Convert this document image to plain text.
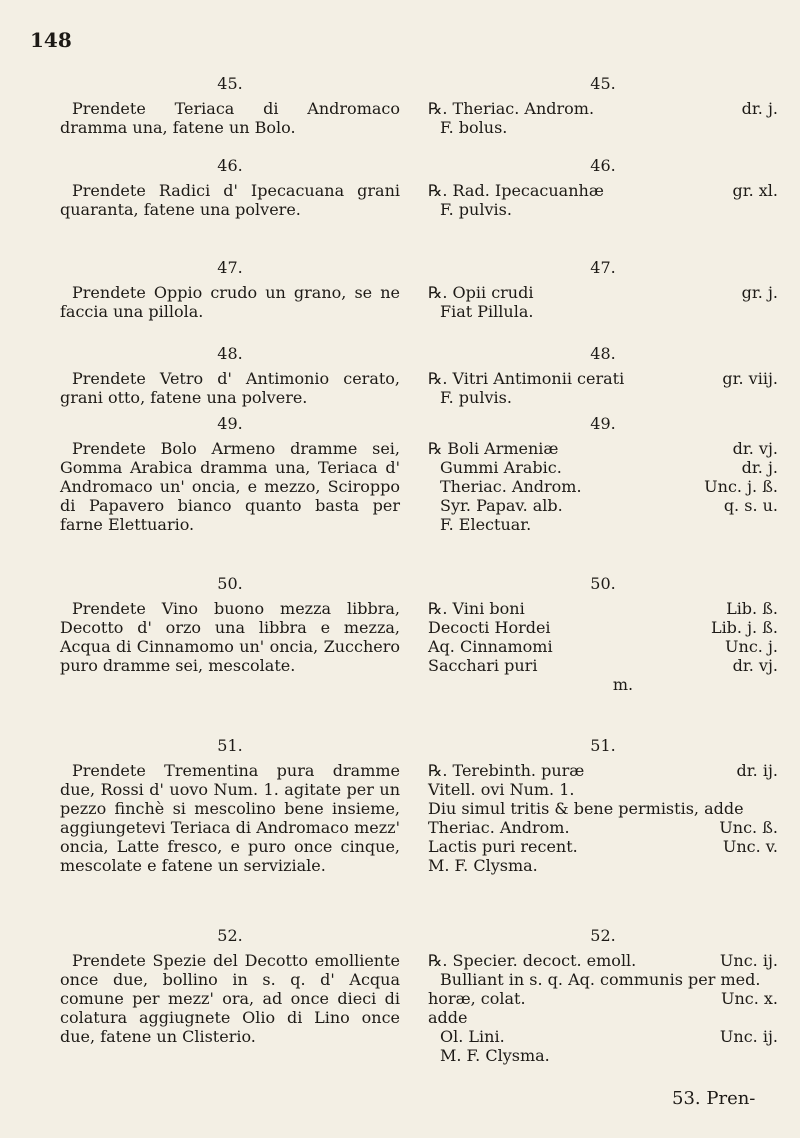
148
45.

Prendete Teriaca di Andromaco dramma una, fatene un Bolo.

46.

Prendete Radici d' Ipecacuana grani quaranta, fatene una polvere.

47.

Prendete Oppio crudo un grano, se ne faccia una pillola.

48.

Prendete Vetro d' Antimonio cerato, grani otto, fatene una polvere.

49.

Prendete Bolo Armeno dramme sei, Gomma Arabica dramma una, Teriaca d' Andromaco un' oncia, e mezzo, Sciroppo di Papavero bianco quanto basta per farne Elettuario.

50.

Prendete Vino buono mezza libbra, Decotto d' orzo una libbra e mezza, Acqua di Cinnamomo un' oncia, Zucchero puro dramme sei, mescolate.

51.

Prendete Trementina pura dramme due, Rossi d' uovo Num. 1. agitate per un pezzo finchè si mescolino bene insieme, aggiungetevi Teriaca di Andromaco mezz' oncia, Latte fresco, e puro once cinque, mescolate e fatene un serviziale.

52.

Prendete Spezie del Decotto emolliente once due, bollino in s. q. d' Acqua comune per mezz' ora, ad once dieci di colatura aggiugnete Olio di Lino once due, fatene un Clisterio.

45.
℞. Theriac. Androm.	dr. j.
F. bolus.
46.
℞. Rad. Ipecacuanhæ	gr. xl.
F. pulvis.
47.
℞. Opii crudi	gr. j.
Fiat Pillula.
48.
℞. Vitri Antimonii cerati	gr. viij.
F. pulvis.
49.
℞ Boli Armeniæ	dr. vj.
Gummi Arabic.	dr. j.
Theriac. Androm.	Unc. j. ß.
Syr. Papav. alb.	q. s. u.
F. Electuar.
50.
℞. Vini boni	Lib. ß.
Decocti Hordei	Lib. j. ß.
Aq. Cinnamomi	Unc. j.
Sacchari puri	dr. vj.
m.
51.
℞. Terebinth. puræ	dr. ij.
Vitell. ovi Num. 1.
Diu simul tritis & bene permistis, adde
Theriac. Androm.	Unc. ß.
Lactis puri recent.	Unc. v.
M. F. Clysma.
52.
℞. Specier. decoct. emoll.	Unc. ij.
Bulliant in s. q. Aq. communis per med.
horæ, colat.	Unc. x.
adde
Ol. Lini.	Unc. ij.
M. F. Clysma.
53. Pren-
